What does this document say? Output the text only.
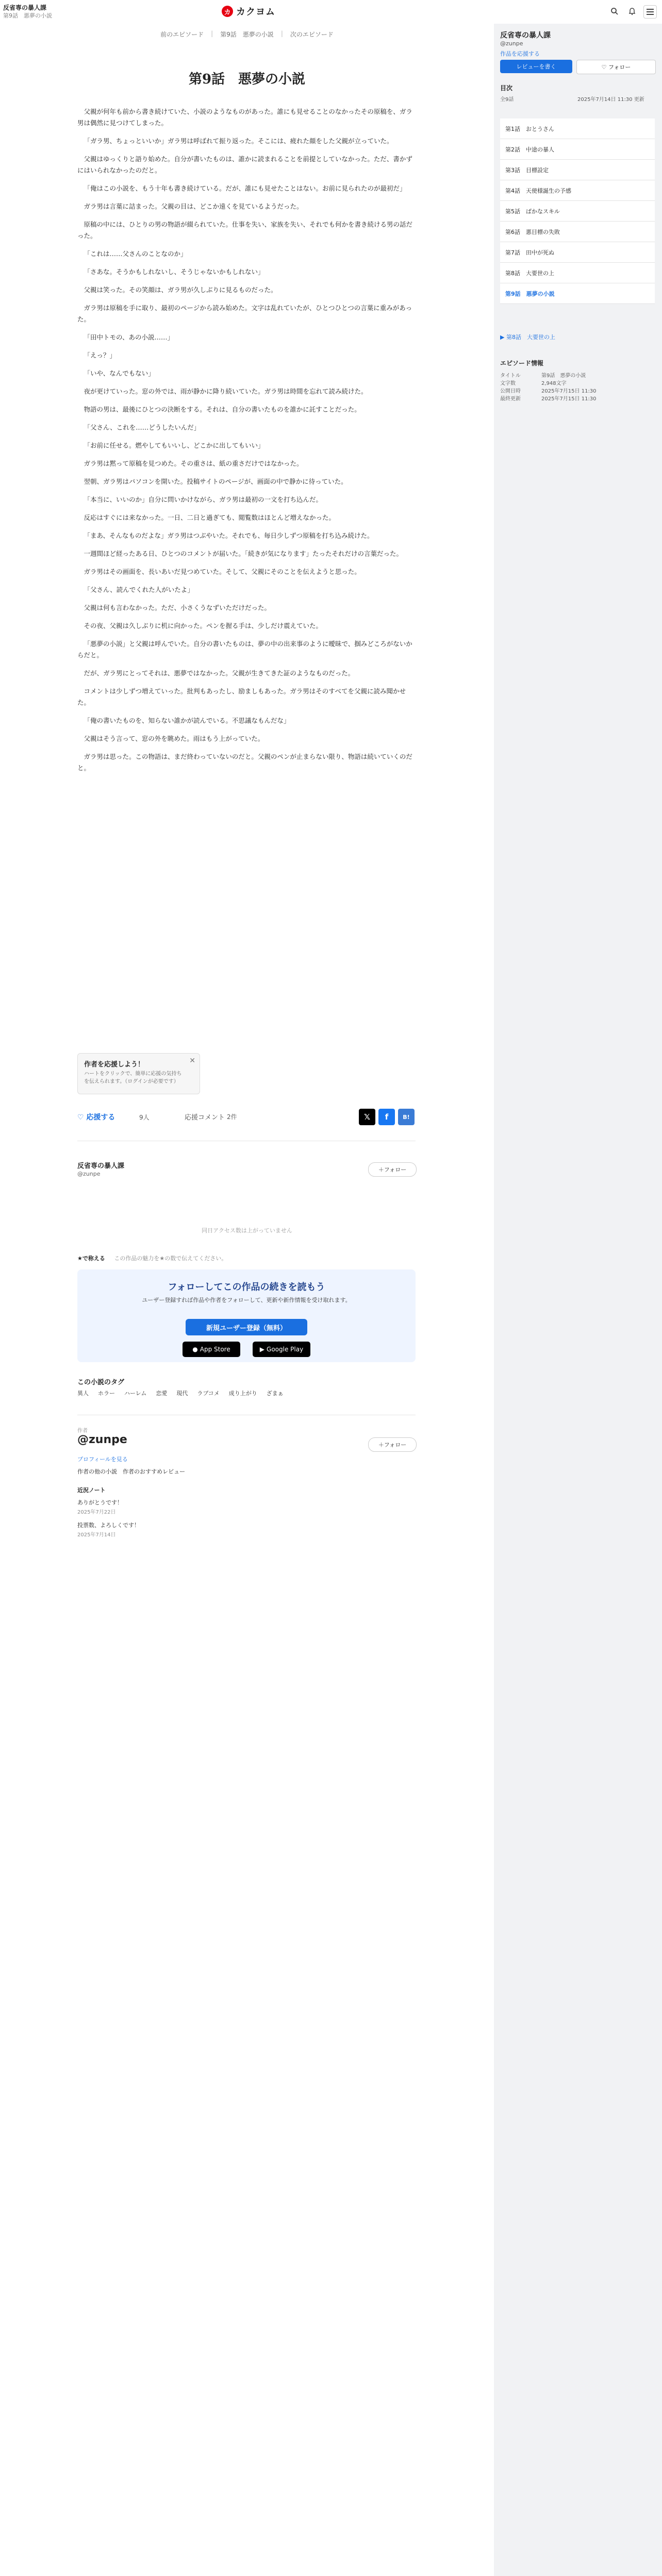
反省専の暴人課
第9話　悪夢の小説	カ カクヨム
前のエピソード | 第9話　悪夢の小説 | 次のエピソード
第9話　悪夢の小説

父親が何年も前から書き続けていた、小説のようなものがあった。誰にも見せることのなかったその原稿を、ガラ男は偶然に見つけてしまった。

「ガラ男、ちょっといいか」ガラ男は呼ばれて振り返った。そこには、疲れた顔をした父親が立っていた。

父親はゆっくりと語り始めた。自分が書いたものは、誰かに読まれることを前提としていなかった。ただ、書かずにはいられなかったのだと。

「俺はこの小説を、もう十年も書き続けている。だが、誰にも見せたことはない。お前に見られたのが最初だ」

ガラ男は言葉に詰まった。父親の目は、どこか遠くを見ているようだった。

原稿の中には、ひとりの男の物語が綴られていた。仕事を失い、家族を失い、それでも何かを書き続ける男の話だった。

「これは……父さんのことなのか」

「さあな。そうかもしれないし、そうじゃないかもしれない」

父親は笑った。その笑顔は、ガラ男が久しぶりに見るものだった。

ガラ男は原稿を手に取り、最初のページから読み始めた。文字は乱れていたが、ひとつひとつの言葉に重みがあった。

「田中トモの、あの小説……」

「えっ？」

「いや、なんでもない」

夜が更けていった。窓の外では、雨が静かに降り続いていた。ガラ男は時間を忘れて読み続けた。

物語の男は、最後にひとつの決断をする。それは、自分の書いたものを誰かに託すことだった。

「父さん、これを……どうしたいんだ」

「お前に任せる。燃やしてもいいし、どこかに出してもいい」

ガラ男は黙って原稿を見つめた。その重さは、紙の重さだけではなかった。

翌朝、ガラ男はパソコンを開いた。投稿サイトのページが、画面の中で静かに待っていた。

「本当に、いいのか」自分に問いかけながら、ガラ男は最初の一文を打ち込んだ。

反応はすぐには来なかった。一日、二日と過ぎても、閲覧数はほとんど増えなかった。

「まあ、そんなものだよな」ガラ男はつぶやいた。それでも、毎日少しずつ原稿を打ち込み続けた。

一週間ほど経ったある日、ひとつのコメントが届いた。「続きが気になります」たったそれだけの言葉だった。

ガラ男はその画面を、長いあいだ見つめていた。そして、父親にそのことを伝えようと思った。

「父さん、読んでくれた人がいたよ」

父親は何も言わなかった。ただ、小さくうなずいただけだった。

その夜、父親は久しぶりに机に向かった。ペンを握る手は、少しだけ震えていた。

「悪夢の小説」と父親は呼んでいた。自分の書いたものは、夢の中の出来事のように曖昧で、掴みどころがないからだと。

だが、ガラ男にとってそれは、悪夢ではなかった。父親が生きてきた証のようなものだった。

コメントは少しずつ増えていった。批判もあったし、励ましもあった。ガラ男はそのすべてを父親に読み聞かせた。

「俺の書いたものを、知らない誰かが読んでいる。不思議なもんだな」

父親はそう言って、窓の外を眺めた。雨はもう上がっていた。

ガラ男は思った。この物語は、まだ終わっていないのだと。父親のペンが止まらない限り、物語は続いていくのだと。

作者を応援しよう！
ハートをクリックで、簡単に応援の気持ちを伝えられます。（ログインが必要です）
✕
♡ 応援する	9人	応援コメント 2件	𝕏	f	B!
反省専の暴人課
@zunpe
＋フォロー
同日アクセス数は上がっていません
★で称える この作品の魅力を★の数で伝えてください。
フォローしてこの作品の続きを読もう
ユーザー登録すれば作品や作者をフォローして、更新や新作情報を受け取れます。
新規ユーザー登録（無料）
● App Store	▶ Google Play
この小説のタグ
異人 ホラー ハーレム 恋愛 現代 ラブコメ 成り上がり ざまぁ
作者
@zunpe	＋フォロー
プロフィールを見る
作者の他の小説　作者のおすすめレビュー
近況ノート
ありがとうです！
2025年7月22日
投票数、よろしくです！
2025年7月14日
反省専の暴人課
@zunpe
作品を応援する
レビューを書く	♡ フォロー
目次
全9話	2025年7月14日 11:30 更新
第1話　おとうさん
第2話　中途の暴人
第3話　目標設定
第4話　天使様誕生の予感
第5話　ばかなスキル
第6話　悪目標の失敗
第7話　田中が死ぬ
第8話　大要世の上
第9話　悪夢の小説
▶ 第8話　大要世の上
エピソード情報
タイトル	第9話　悪夢の小説
文字数	2,948文字
公開日時	2025年7月15日 11:30
最終更新	2025年7月15日 11:30
